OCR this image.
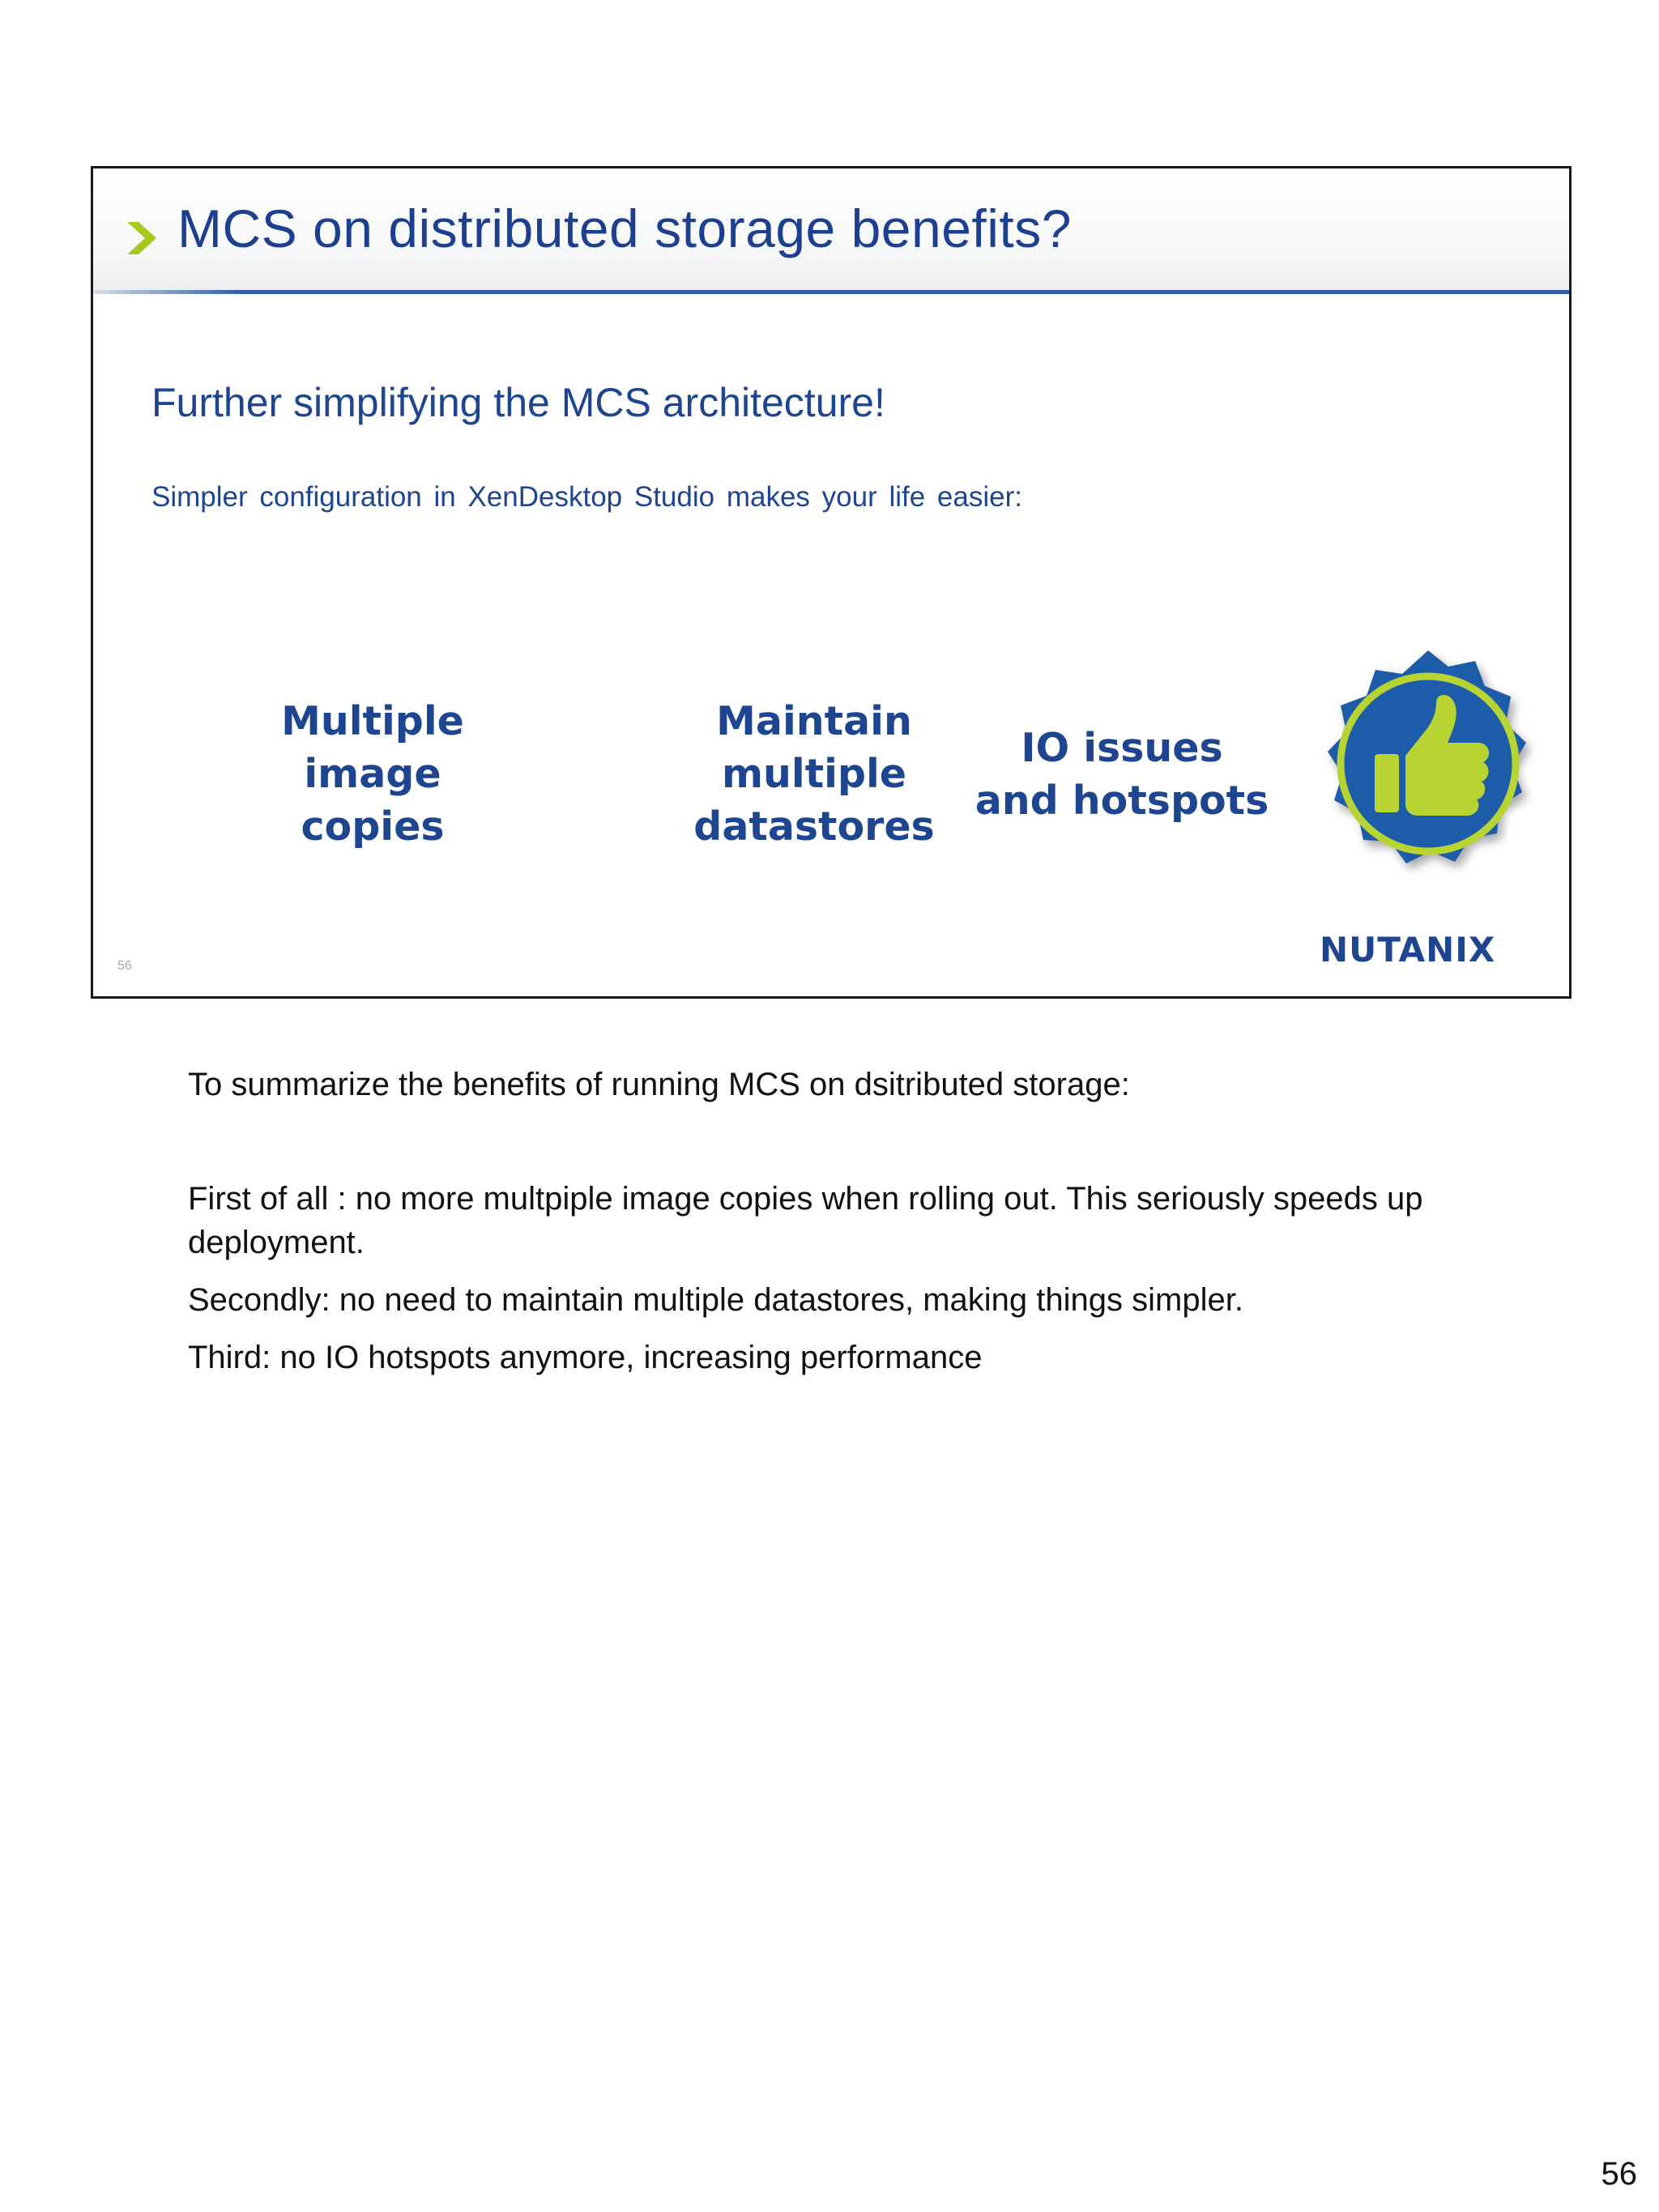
MCS on distributed storage benefits?
Further simplifying the MCS architecture!
Simpler configuration in XenDesktop Studio makes your life easier:
Multiple
image
copies
Maintain
multiple
datastores
IO issues
and hotspots
56	NUTANIX

To summarize the benefits of running MCS on dsitributed storage:

First of all : no more multpiple image copies when rolling out. This seriously speeds up deployment.

Secondly: no need to maintain multiple datastores, making things simpler.

Third: no IO hotspots anymore, increasing performance

56
